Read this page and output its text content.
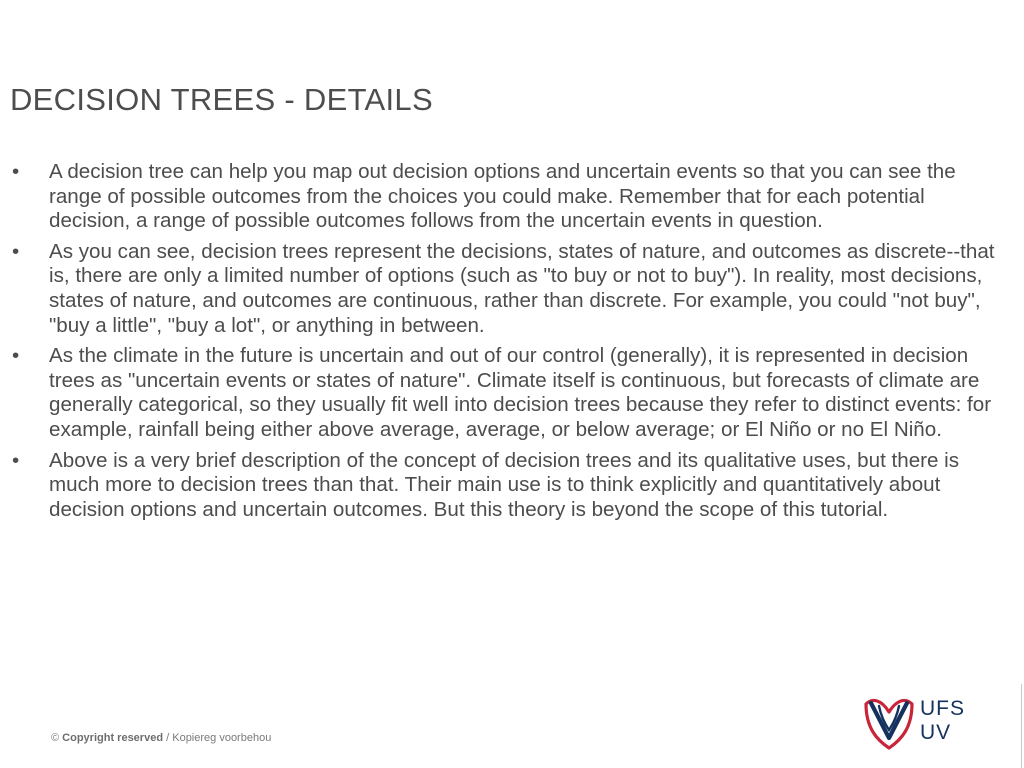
DECISION TREES - DETAILS
•	A decision tree can help you map out decision options and uncertain events so that you can see the range of possible outcomes from the choices you could make. Remember that for each potential decision, a range of possible outcomes follows from the uncertain events in question.
•	As you can see, decision trees represent the decisions, states of nature, and outcomes as discrete--that is, there are only a limited number of options (such as "to buy or not to buy"). In reality, most decisions, states of nature, and outcomes are continuous, rather than discrete. For example, you could "not buy", "buy a little", "buy a lot", or anything in between.
•	As the climate in the future is uncertain and out of our control (generally), it is represented in decision trees as "uncertain events or states of nature". Climate itself is continuous, but forecasts of climate are generally categorical, so they usually fit well into decision trees because they refer to distinct events: for example, rainfall being either above average, average, or below average; or El Niño or no El Niño.
•	Above is a very brief description of the concept of decision trees and its qualitative uses, but there is much more to decision trees than that. Their main use is to think explicitly and quantitatively about decision options and uncertain outcomes. But this theory is beyond the scope of this tutorial.
© Copyright reserved / Kopiereg voorbehou
UFS
UV
